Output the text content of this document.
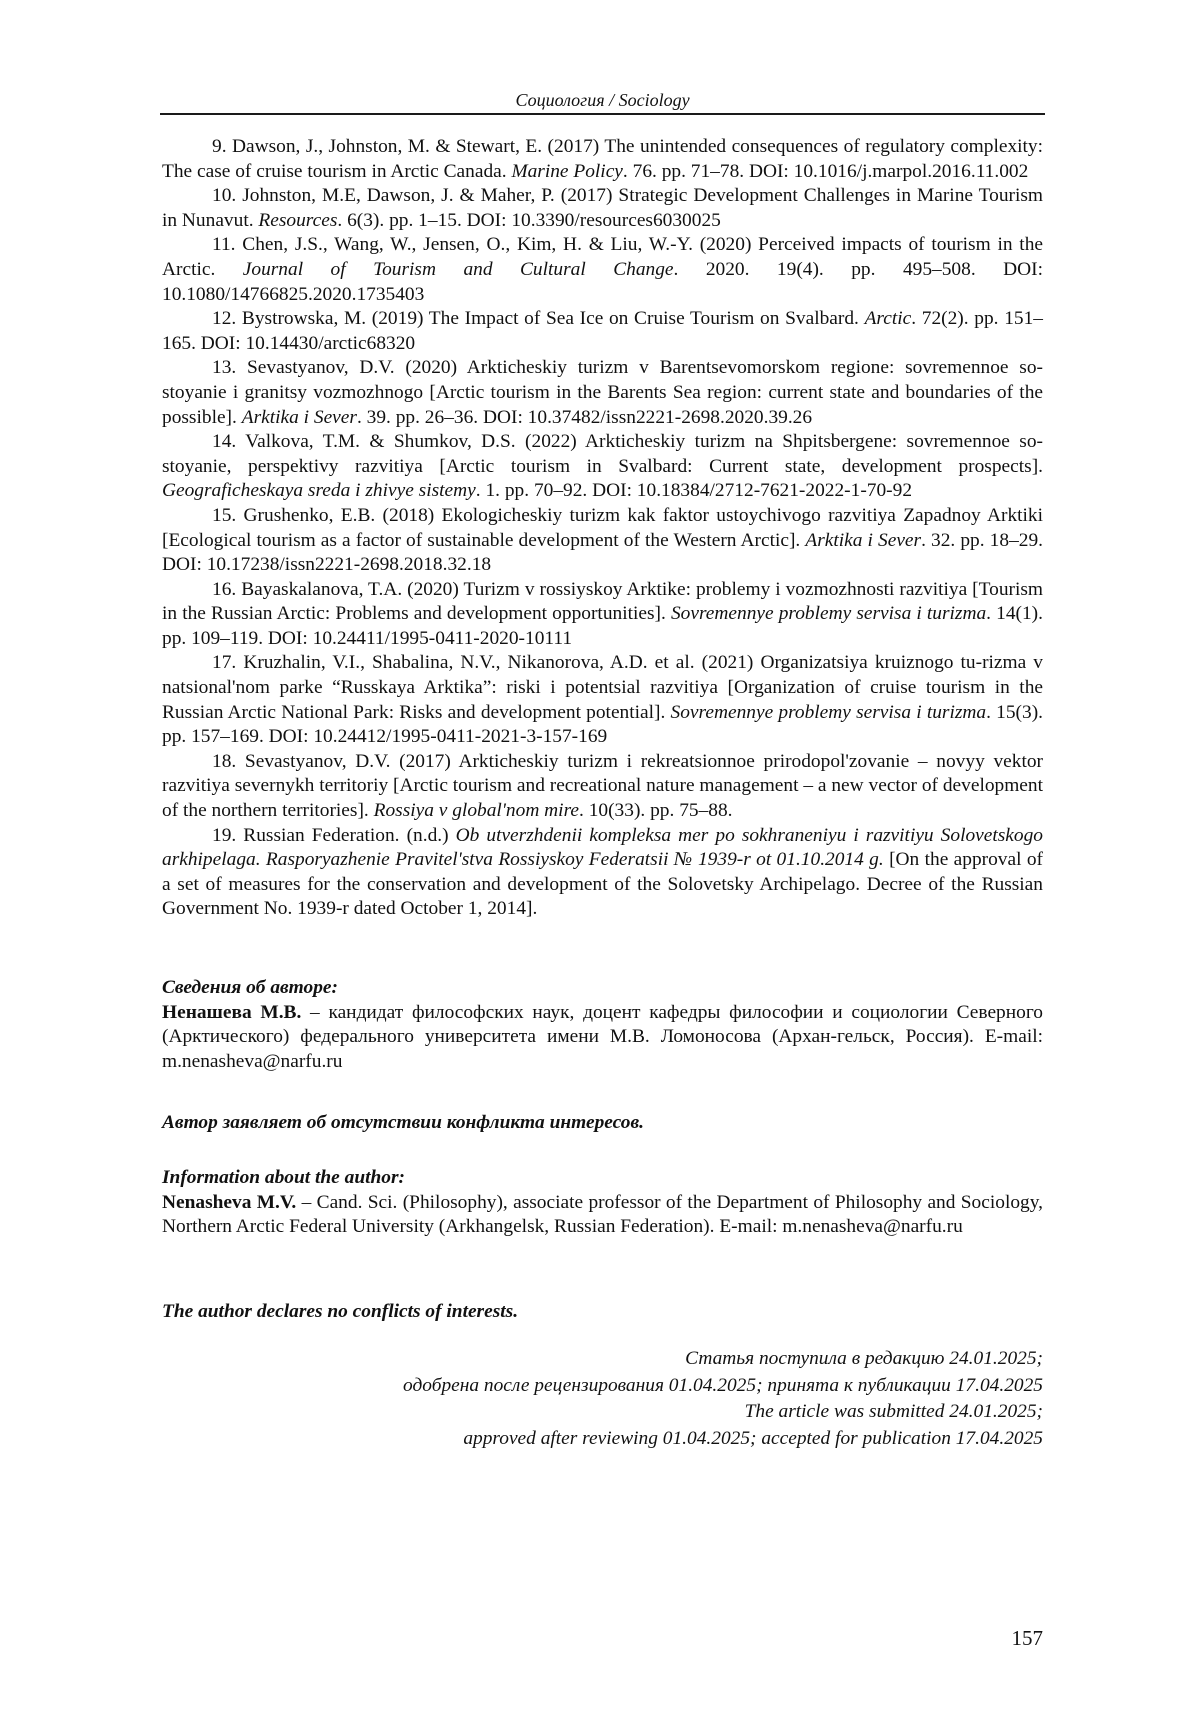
Социология / Sociology

9. Dawson, J., Johnston, M. & Stewart, E. (2017) The unintended consequences of regulatory complexity: The case of cruise tourism in Arctic Canada. Marine Policy. 76. pp. 71–78. DOI: 10.1016/j.marpol.2016.11.002

10. Johnston, M.E, Dawson, J. & Maher, P. (2017) Strategic Development Challenges in Marine Tourism in Nunavut. Resources. 6(3). pp. 1–15. DOI: 10.3390/resources6030025

11. Chen, J.S., Wang, W., Jensen, O., Kim, H. & Liu, W.-Y. (2020) Perceived impacts of tourism in the Arctic. Journal of Tourism and Cultural Change. 2020. 19(4). pp. 495–508. DOI: 10.1080/14766825.2020.1735403

12. Bystrowska, M. (2019) The Impact of Sea Ice on Cruise Tourism on Svalbard. Arctic. 72(2). pp. 151–165. DOI: 10.14430/arctic68320

13. Sevastyanov, D.V. (2020) Arkticheskiy turizm v Barentsevomorskom regione: sovremennoe so-stoyanie i granitsy vozmozhnogo [Arctic tourism in the Barents Sea region: current state and boundaries of the possible]. Arktika i Sever. 39. pp. 26–36. DOI: 10.37482/issn2221-2698.2020.39.26

14. Valkova, T.M. & Shumkov, D.S. (2022) Arkticheskiy turizm na Shpitsbergene: sovremennoe so-stoyanie, perspektivy razvitiya [Arctic tourism in Svalbard: Current state, development prospects]. Geograficheskaya sreda i zhivye sistemy. 1. pp. 70–92. DOI: 10.18384/2712-7621-2022-1-70-92

15. Grushenko, E.B. (2018) Ekologicheskiy turizm kak faktor ustoychivogo razvitiya Zapadnoy Arktiki [Ecological tourism as a factor of sustainable development of the Western Arctic]. Arktika i Sever. 32. pp. 18–29. DOI: 10.17238/issn2221-2698.2018.32.18

16. Bayaskalanova, T.A. (2020) Turizm v rossiyskoy Arktike: problemy i vozmozhnosti razvitiya [Tourism in the Russian Arctic: Problems and development opportunities]. Sovremennye problemy servisa i turizma. 14(1). pp. 109–119. DOI: 10.24411/1995-0411-2020-10111

17. Kruzhalin, V.I., Shabalina, N.V., Nikanorova, A.D. et al. (2021) Organizatsiya kruiznogo tu-rizma v natsional'nom parke “Russkaya Arktika”: riski i potentsial razvitiya [Organization of cruise tourism in the Russian Arctic National Park: Risks and development potential]. Sovremennye problemy servisa i turizma. 15(3). pp. 157–169. DOI: 10.24412/1995-0411-2021-3-157-169

18. Sevastyanov, D.V. (2017) Arkticheskiy turizm i rekreatsionnoe prirodopol'zovanie – novyy vektor razvitiya severnykh territoriy [Arctic tourism and recreational nature management – a new vector of development of the northern territories]. Rossiya v global'nom mire. 10(33). pp. 75–88.

19. Russian Federation. (n.d.) Ob utverzhdenii kompleksa mer po sokhraneniyu i razvitiyu Solovetskogo arkhipelaga. Rasporyazhenie Pravitel'stva Rossiyskoy Federatsii № 1939-r ot 01.10.2014 g. [On the approval of a set of measures for the conservation and development of the Solovetsky Archipelago. Decree of the Russian Government No. 1939-r dated October 1, 2014].

Сведения об авторе:

Ненашева М.В. – кандидат философских наук, доцент кафедры философии и социологии Северного (Арктического) федерального университета имени М.В. Ломоносова (Архан-гельск, Россия). E-mail: m.nenasheva@narfu.ru

Автор заявляет об отсутствии конфликта интересов.

Information about the author:

Nenasheva M.V. – Cand. Sci. (Philosophy), associate professor of the Department of Philosophy and Sociology, Northern Arctic Federal University (Arkhangelsk, Russian Federation). E-mail: m.nenasheva@narfu.ru

The author declares no conflicts of interests.

Статья поступила в редакцию 24.01.2025;
одобрена после рецензирования 01.04.2025; принята к публикации 17.04.2025
The article was submitted 24.01.2025;
approved after reviewing 01.04.2025; accepted for publication 17.04.2025
157
